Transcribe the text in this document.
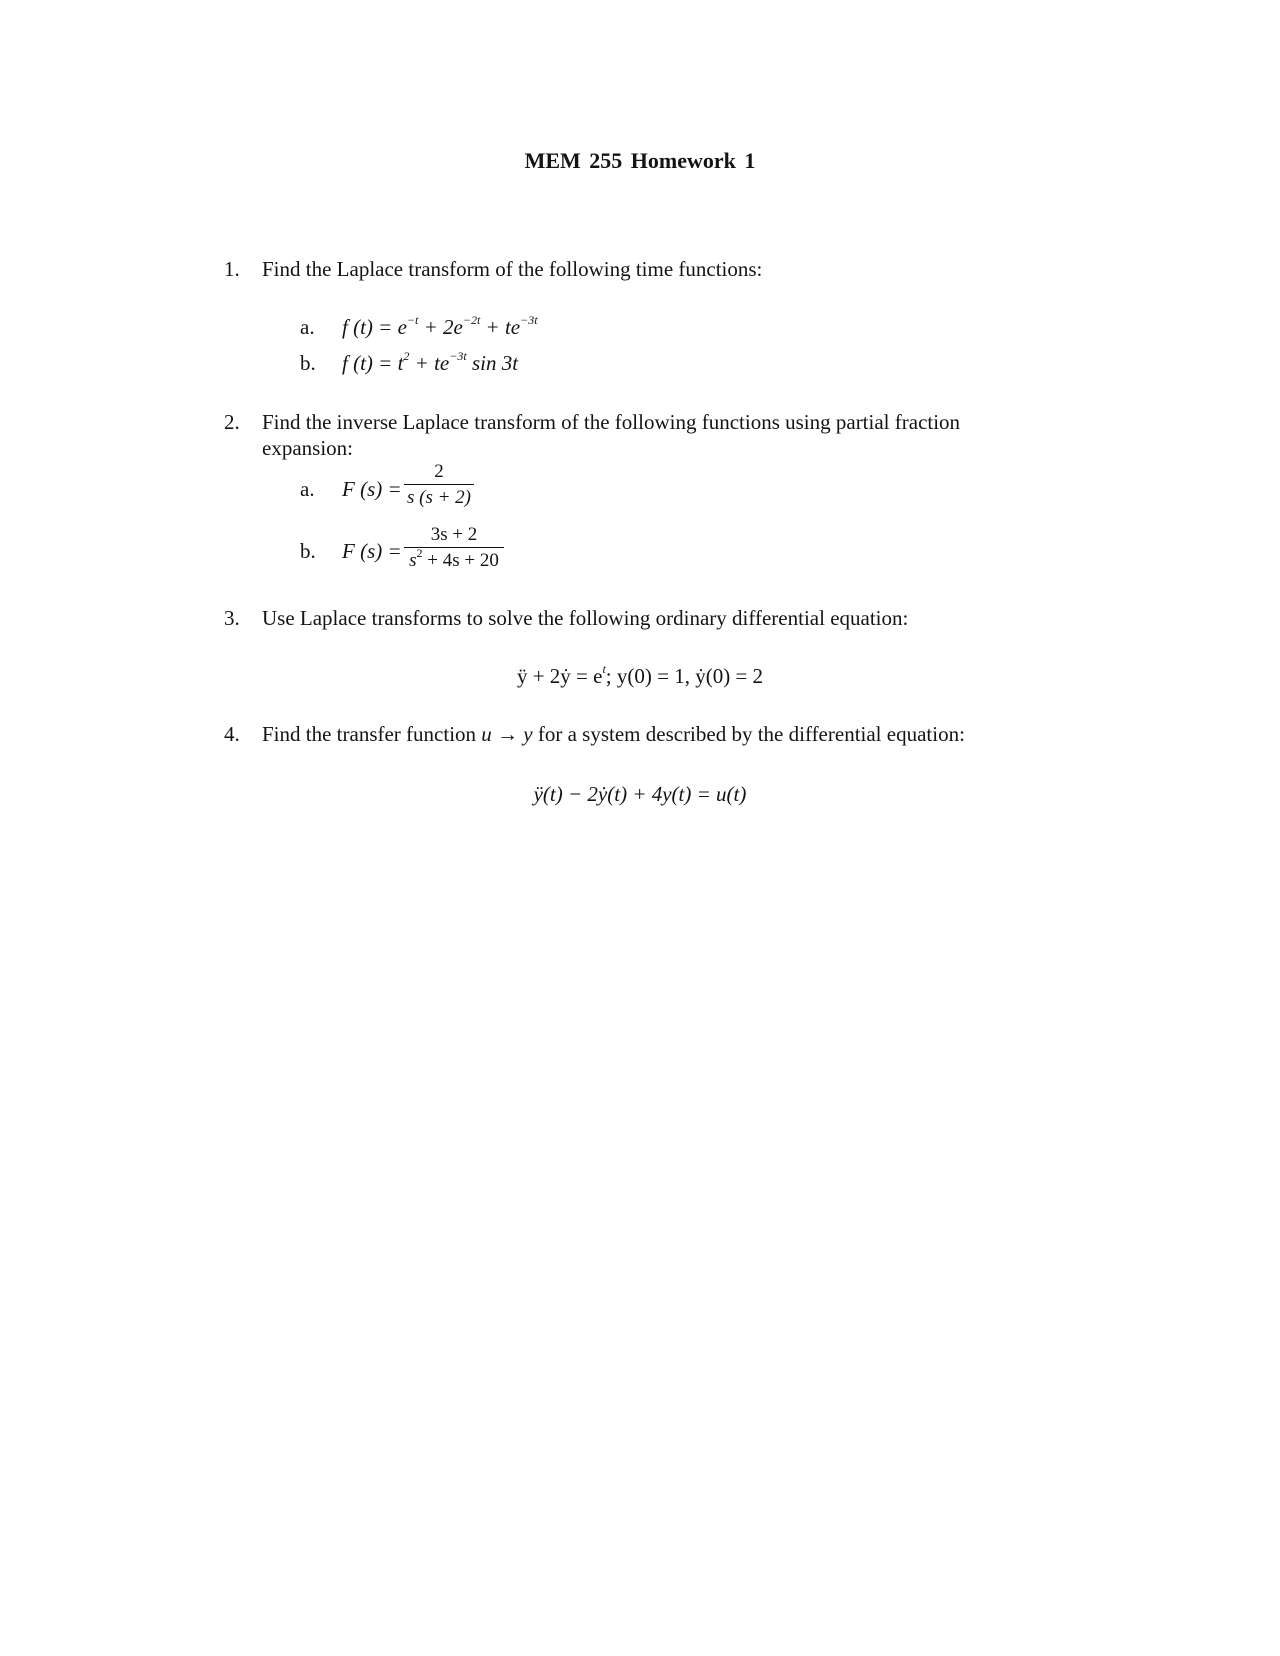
MEM 255 Homework 1
1. Find the Laplace transform of the following time functions:
a. f $(t) = e^{-t} + 2e^{-2t} + te^{-3t}$
b. f $(t) = t^2 + te^{-3t}$ sin 3t
2. Find the inverse Laplace transform of the following functions using partial fraction
expansion:
a. F (s) =
2
s (s + 2)
b. F (s) =
3s + 2
$s^2 + 4s + 20$
3. Use Laplace transforms to solve the following ordinary differential equation:
ÿ + 2ẏ = $e^t$; y(0) = 1, ẏ(0) = 2
4. Find the transfer function u → y for a system described by the differential equation:
ÿ(t) − 2ẏ(t) + 4y(t) = u(t)
